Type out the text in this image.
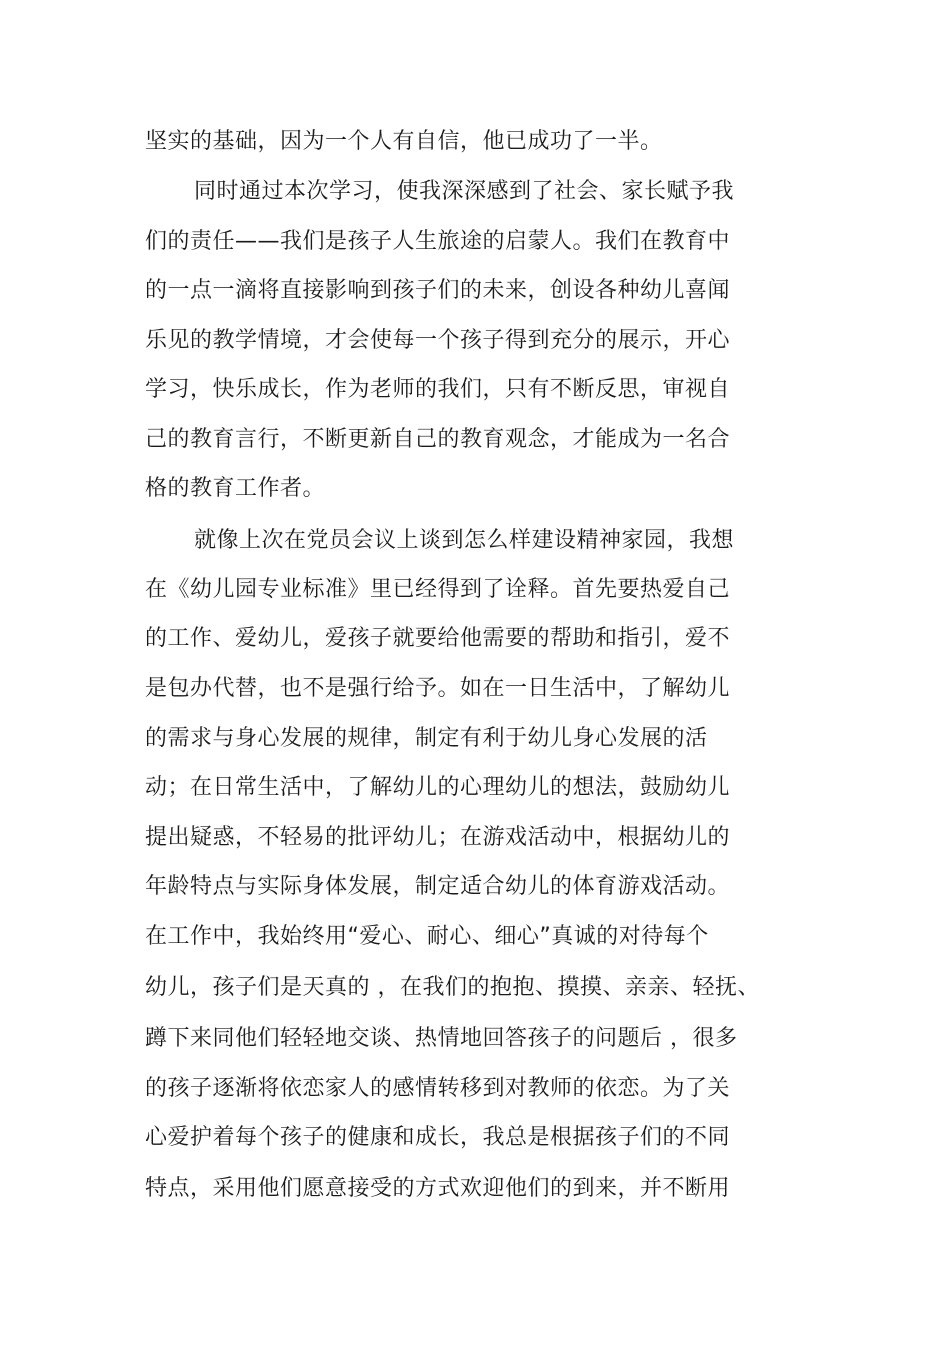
坚实的基础，因为一个人有自信，他已成功了一半。
同时通过本次学习，使我深深感到了社会、家长赋予我
们的责任——我们是孩子人生旅途的启蒙人。我们在教育中
的一点一滴将直接影响到孩子们的未来，创设各种幼儿喜闻
乐见的教学情境，才会使每一个孩子得到充分的展示，开心
学习，快乐成长，作为老师的我们，只有不断反思，审视自
己的教育言行，不断更新自己的教育观念，才能成为一名合
格的教育工作者。
就像上次在党员会议上谈到怎么样建设精神家园，我想
在《幼儿园专业标准》里已经得到了诠释。首先要热爱自己
的工作、爱幼儿，爱孩子就要给他需要的帮助和指引，爱不
是包办代替，也不是强行给予。如在一日生活中，了解幼儿
的需求与身心发展的规律，制定有利于幼儿身心发展的活
动；在日常生活中，了解幼儿的心理幼儿的想法，鼓励幼儿
提出疑惑，不轻易的批评幼儿；在游戏活动中，根据幼儿的
年龄特点与实际身体发展，制定适合幼儿的体育游戏活动。
在工作中，我始终用“爱心、耐心、细心”真诚的对待每个
幼儿，孩子们是天真的 ，在我们的抱抱、摸摸、亲亲、轻抚、
蹲下来同他们轻轻地交谈、热情地回答孩子的问题后 ，很多
的孩子逐渐将依恋家人的感情转移到对教师的依恋。为了关
心爱护着每个孩子的健康和成长，我总是根据孩子们的不同
特点，采用他们愿意接受的方式欢迎他们的到来，并不断用
